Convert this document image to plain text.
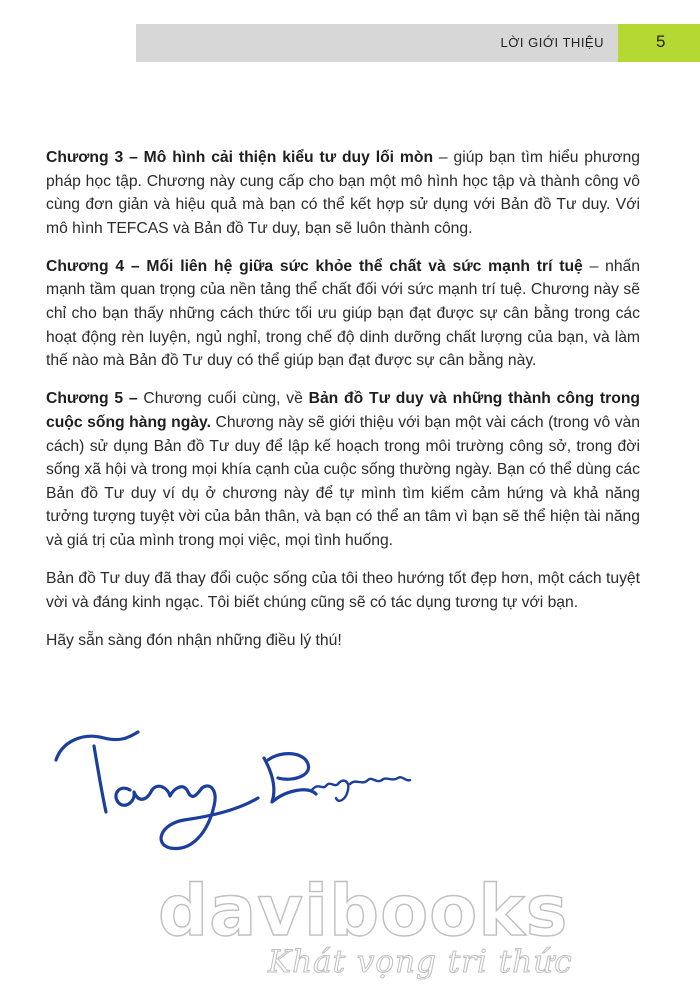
LỜI GIỚI THIỆU	5

Chương 3 – Mô hình cải thiện kiểu tư duy lối mòn – giúp bạn tìm hiểu phương pháp học tập. Chương này cung cấp cho bạn một mô hình học tập và thành công vô cùng đơn giản và hiệu quả mà bạn có thể kết hợp sử dụng với Bản đồ Tư duy. Với mô hình TEFCAS và Bản đồ Tư duy, bạn sẽ luôn thành công.

Chương 4 – Mối liên hệ giữa sức khỏe thể chất và sức mạnh trí tuệ – nhấn mạnh tầm quan trọng của nền tảng thể chất đối với sức mạnh trí tuệ. Chương này sẽ chỉ cho bạn thấy những cách thức tối ưu giúp bạn đạt được sự cân bằng trong các hoạt động rèn luyện, ngủ nghỉ, trong chế độ dinh dưỡng chất lượng của bạn, và làm thế nào mà Bản đồ Tư duy có thể giúp bạn đạt được sự cân bằng này.

Chương 5 – Chương cuối cùng, về Bản đồ Tư duy và những thành công trong cuộc sống hàng ngày. Chương này sẽ giới thiệu với bạn một vài cách (trong vô vàn cách) sử dụng Bản đồ Tư duy để lập kế hoạch trong môi trường công sở, trong đời sống xã hội và trong mọi khía cạnh của cuộc sống thường ngày. Bạn có thể dùng các Bản đồ Tư duy ví dụ ở chương này để tự mình tìm kiếm cảm hứng và khả năng tưởng tượng tuyệt vời của bản thân, và bạn có thể an tâm vì bạn sẽ thể hiện tài năng và giá trị của mình trong mọi việc, mọi tình huống.

Bản đồ Tư duy đã thay đổi cuộc sống của tôi theo hướng tốt đẹp hơn, một cách tuyệt vời và đáng kinh ngạc. Tôi biết chúng cũng sẽ có tác dụng tương tự với bạn.

Hãy sẵn sàng đón nhận những điều lý thú!

davibooks
Khát vọng tri thức
